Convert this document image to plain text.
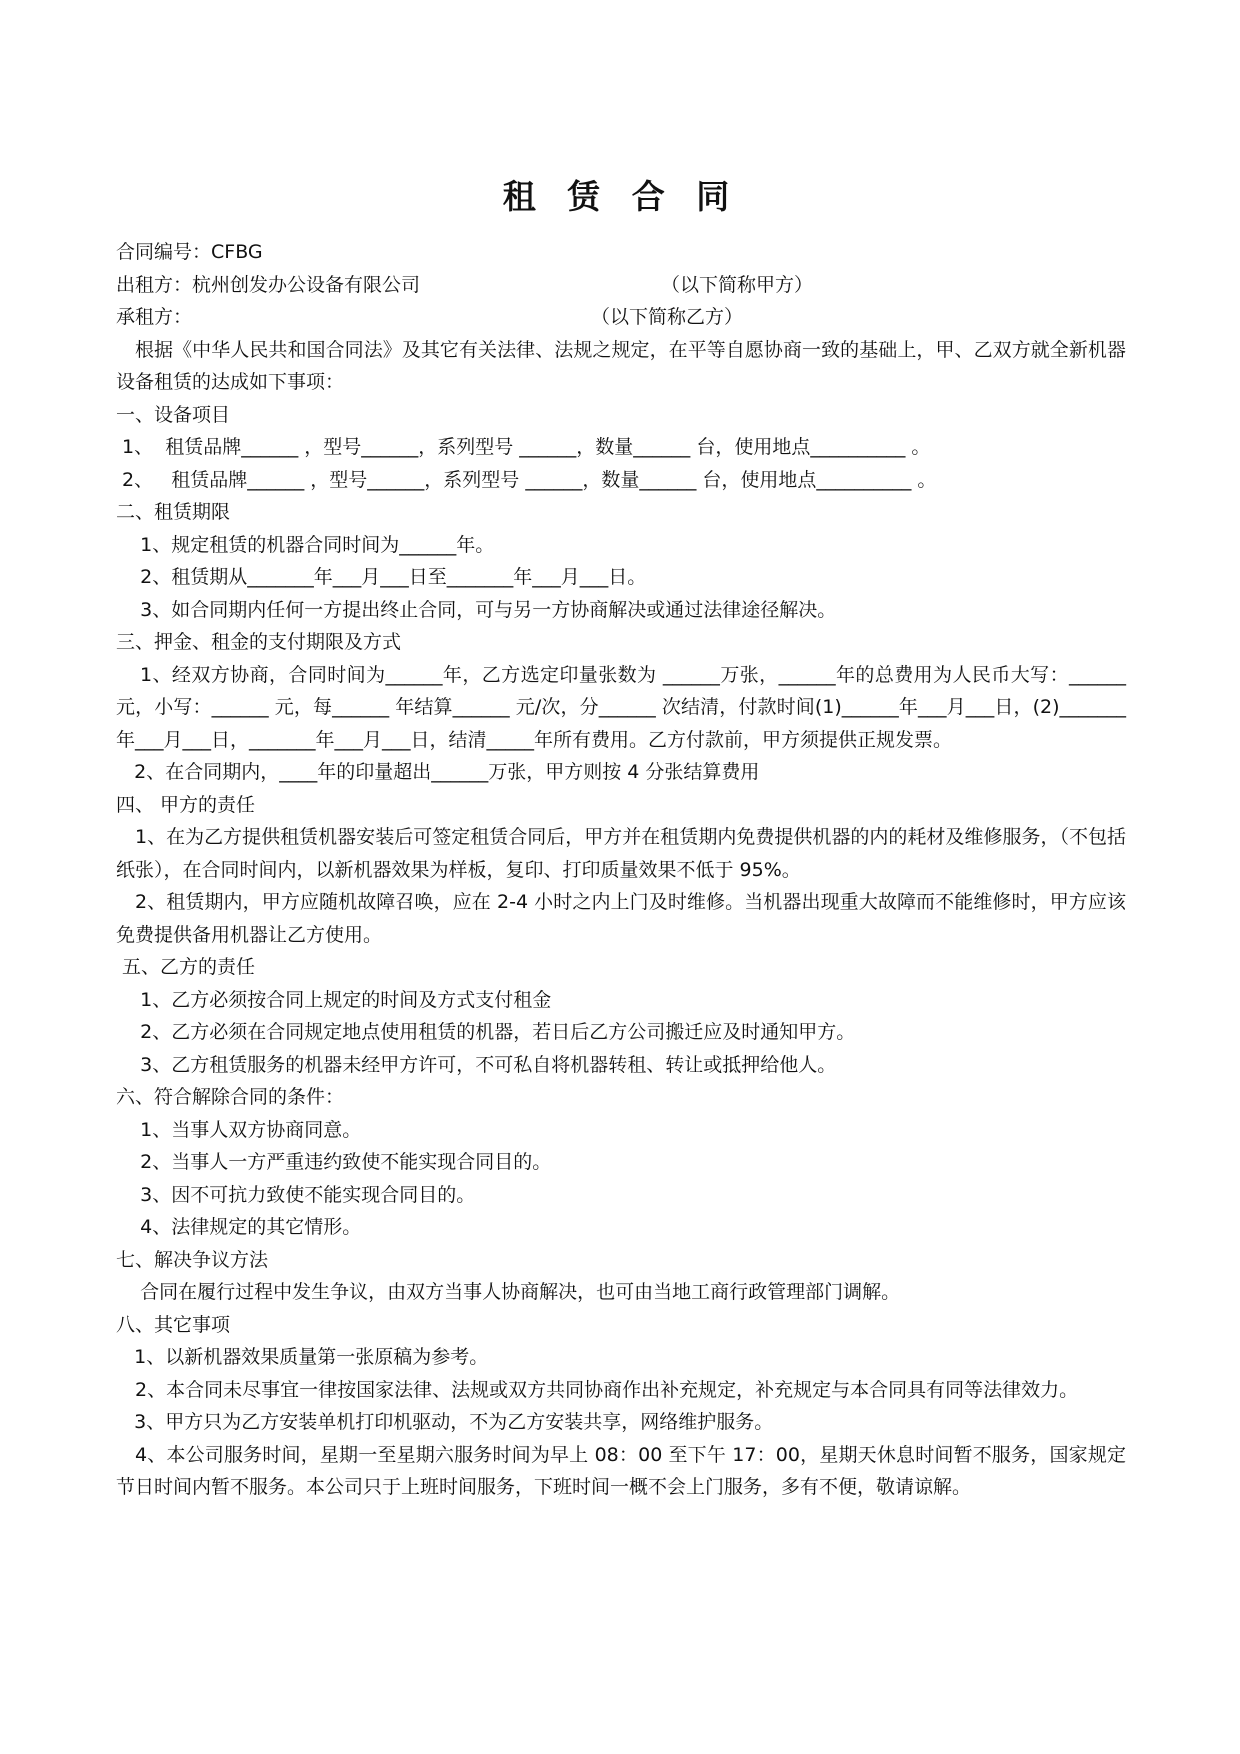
租 赁 合 同
合同编号：CFBG
出租方：杭州创发办公设备有限公司	（以下简称甲方）
承租方：	（以下简称乙方）

根据《中华人民共和国合同法》及其它有关法律、法规之规定，在平等自愿协商一致的基础上，甲、乙双方就全新机器设备租赁的达成如下事项：

一、设备项目
1、  租赁品牌______ ，型号______，系列型号 ______，数量______ 台，使用地点__________ 。
2、   租赁品牌______ ，型号______，系列型号 ______，数量______ 台，使用地点__________ 。
二、租赁期限
1、规定租赁的机器合同时间为______年。
2、租赁期从_______年___月___日至_______年___月___日。
3、如合同期内任何一方提出终止合同，可与另一方协商解决或通过法律途径解决。
三、押金、租金的支付期限及方式

1、经双方协商，合同时间为______年，乙方选定印量张数为 ______万张，______年的总费用为人民币大写：______ 元，小写：______ 元，每______ 年结算______ 元/次，分______ 次结清，付款时间(1)______年___月___日，(2)_______年___月___日，_______年___月___日，结清_____年所有费用。乙方付款前，甲方须提供正规发票。

2、在合同期内，____年的印量超出______万张，甲方则按 4 分张结算费用
四、 甲方的责任

1、在为乙方提供租赁机器安装后可签定租赁合同后，甲方并在租赁期内免费提供机器的内的耗材及维修服务，（不包括纸张），在合同时间内，以新机器效果为样板，复印、打印质量效果不低于 95%。

2、租赁期内，甲方应随机故障召唤，应在 2-4 小时之内上门及时维修。当机器出现重大故障而不能维修时，甲方应该免费提供备用机器让乙方使用。

五、乙方的责任
1、乙方必须按合同上规定的时间及方式支付租金
2、乙方必须在合同规定地点使用租赁的机器，若日后乙方公司搬迁应及时通知甲方。
3、乙方租赁服务的机器未经甲方许可，不可私自将机器转租、转让或抵押给他人。
六、符合解除合同的条件：
1、当事人双方协商同意。
2、当事人一方严重违约致使不能实现合同目的。
3、因不可抗力致使不能实现合同目的。
4、法律规定的其它情形。
七、解决争议方法
合同在履行过程中发生争议，由双方当事人协商解决，也可由当地工商行政管理部门调解。
八、其它事项
1、以新机器效果质量第一张原稿为参考。

2、本合同未尽事宜一律按国家法律、法规或双方共同协商作出补充规定，补充规定与本合同具有同等法律效力。

3、甲方只为乙方安装单机打印机驱动，不为乙方安装共享，网络维护服务。

4、本公司服务时间，星期一至星期六服务时间为早上 08：00 至下午 17：00，星期天休息时间暂不服务，国家规定节日时间内暂不服务。本公司只于上班时间服务，下班时间一概不会上门服务，多有不便，敬请谅解。
